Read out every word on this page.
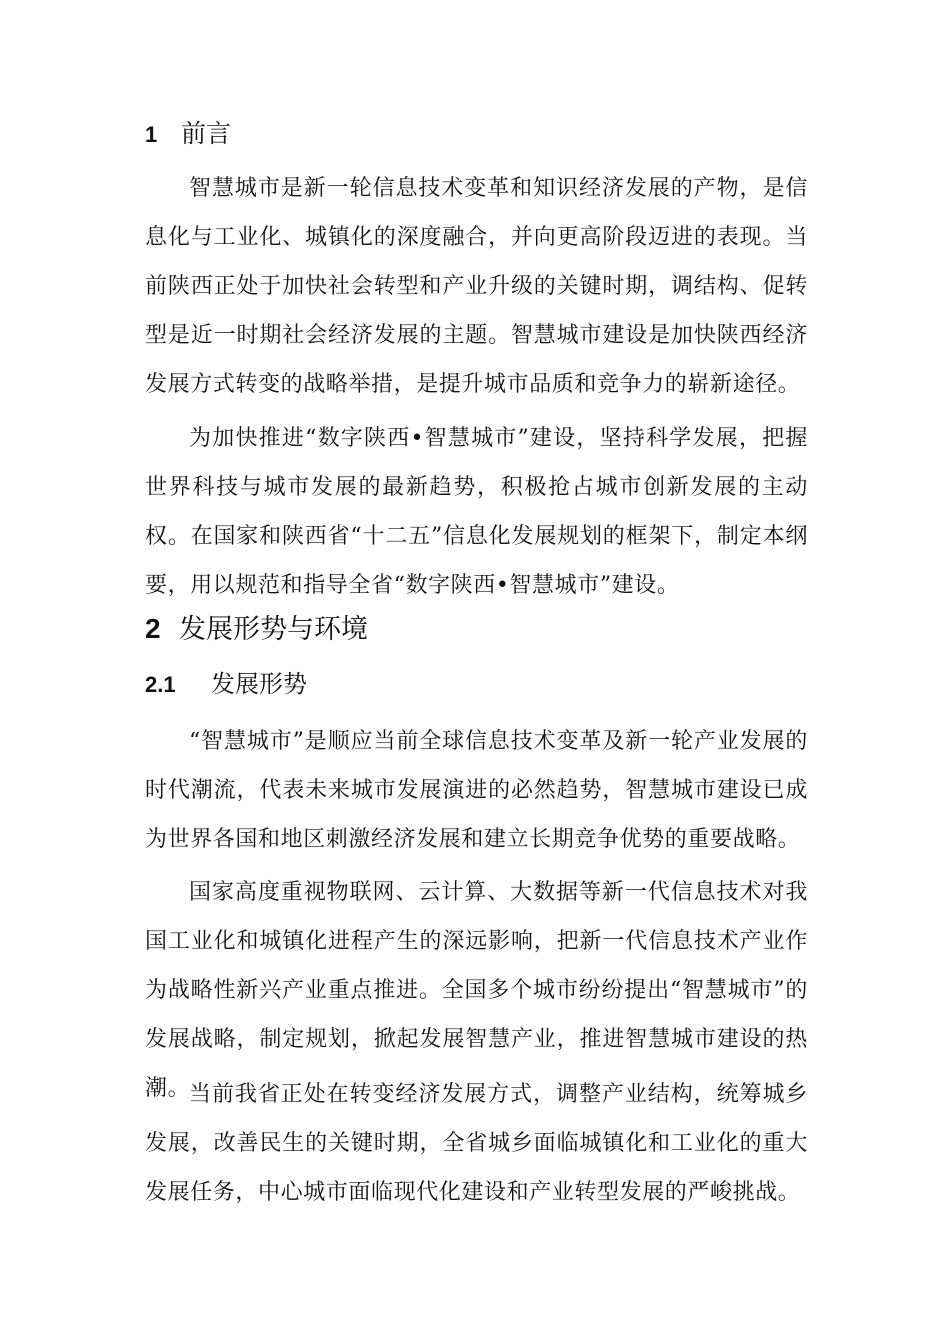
1 前言

智慧城市是新一轮信息技术变革和知识经济发展的产物，是信息化与工业化、城镇化的深度融合，并向更高阶段迈进的表现。当前陕西正处于加快社会转型和产业升级的关键时期，调结构、促转型是近一时期社会经济发展的主题。智慧城市建设是加快陕西经济发展方式转变的战略举措，是提升城市品质和竞争力的崭新途径。

为加快推进“数字陕西•智慧城市”建设，坚持科学发展，把握世界科技与城市发展的最新趋势，积极抢占城市创新发展的主动权。在国家和陕西省“十二五”信息化发展规划的框架下，制定本纲要，用以规范和指导全省“数字陕西•智慧城市”建设。

2 发展形势与环境
2.1	发展形势

“智慧城市”是顺应当前全球信息技术变革及新一轮产业发展的时代潮流，代表未来城市发展演进的必然趋势，智慧城市建设已成为世界各国和地区刺激经济发展和建立长期竞争优势的重要战略。

国家高度重视物联网、云计算、大数据等新一代信息技术对我国工业化和城镇化进程产生的深远影响，把新一代信息技术产业作为战略性新兴产业重点推进。全国多个城市纷纷提出“智慧城市”的发展战略，制定规划，掀起发展智慧产业，推进智慧城市建设的热潮。

当前我省正处在转变经济发展方式，调整产业结构，统筹城乡发展，改善民生的关键时期，全省城乡面临城镇化和工业化的重大发展任务，中心城市面临现代化建设和产业转型发展的严峻挑战。
